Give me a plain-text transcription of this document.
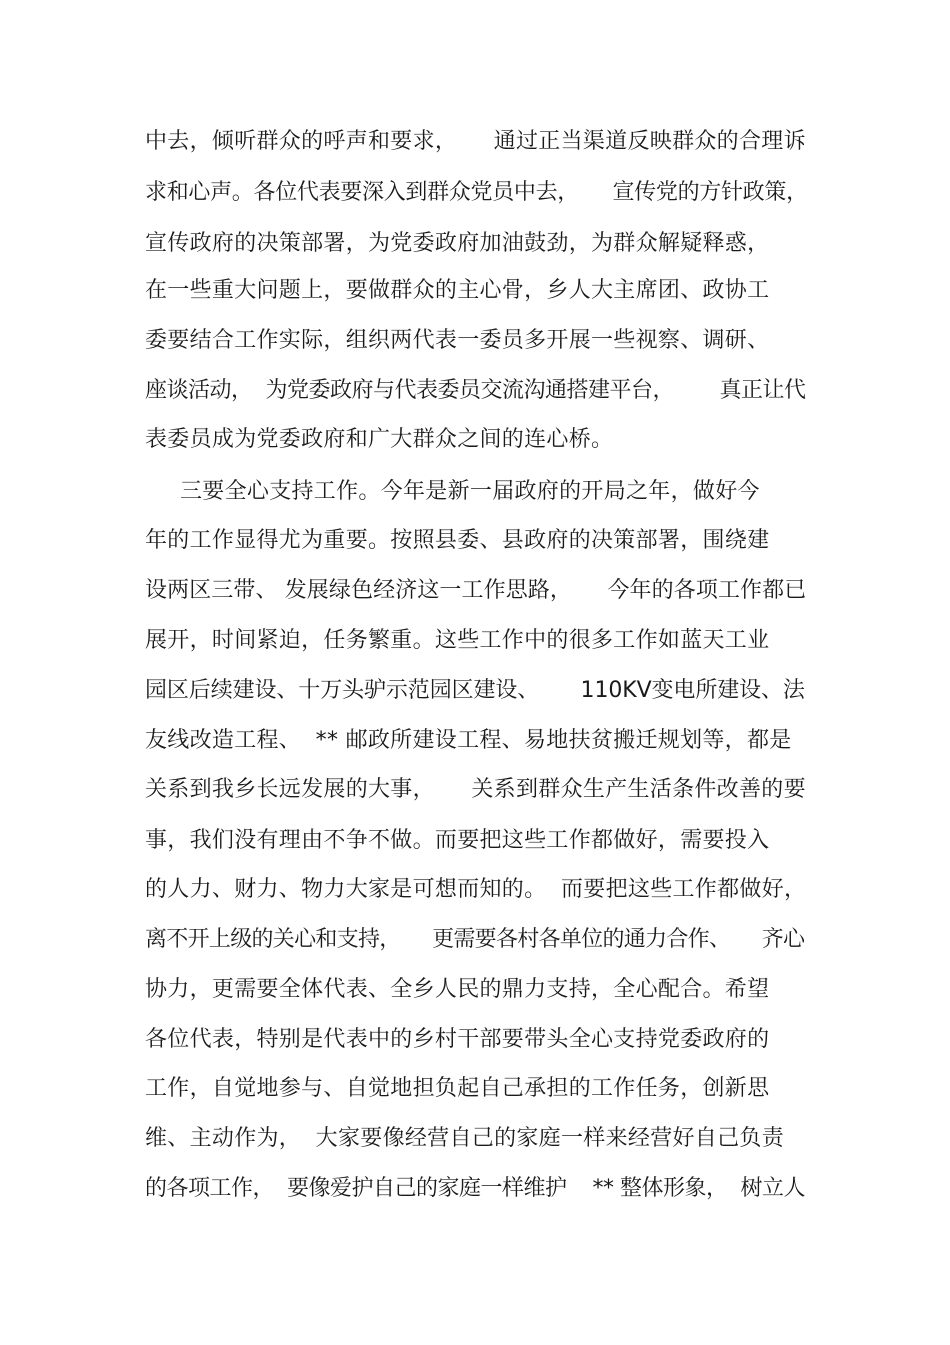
中去，倾听群众的呼声和要求，     通过正当渠道反映群众的合理诉

求和心声。各位代表要深入到群众党员中去，     宣传党的方针政策，

宣传政府的决策部署，为党委政府加油鼓劲，为群众解疑释惑，

在一些重大问题上，要做群众的主心骨，乡人大主席团、政协工

委要结合工作实际，组织两代表一委员多开展一些视察、调研、

座谈活动，  为党委政府与代表委员交流沟通搭建平台，       真正让代

表委员成为党委政府和广大群众之间的连心桥。

三要全心支持工作。今年是新一届政府的开局之年，做好今

年的工作显得尤为重要。按照县委、县政府的决策部署，围绕建

设两区三带、 发展绿色经济这一工作思路，     今年的各项工作都已

展开，时间紧迫，任务繁重。这些工作中的很多工作如蓝天工业

园区后续建设、十万头驴示范园区建设、      110KV变电所建设、法

友线改造工程、  ** 邮政所建设工程、易地扶贫搬迁规划等，都是

关系到我乡长远发展的大事，     关系到群众生产生活条件改善的要

事，我们没有理由不争不做。而要把这些工作都做好，需要投入

的人力、财力、物力大家是可想而知的。  而要把这些工作都做好，

离不开上级的关心和支持，     更需要各村各单位的通力合作、     齐心

协力，更需要全体代表、全乡人民的鼎力支持，全心配合。希望

各位代表，特别是代表中的乡村干部要带头全心支持党委政府的

工作，自觉地参与、自觉地担负起自己承担的工作任务，创新思

维、主动作为，  大家要像经营自己的家庭一样来经营好自己负责

的各项工作，  要像爱护自己的家庭一样维护    ** 整体形象，  树立人
